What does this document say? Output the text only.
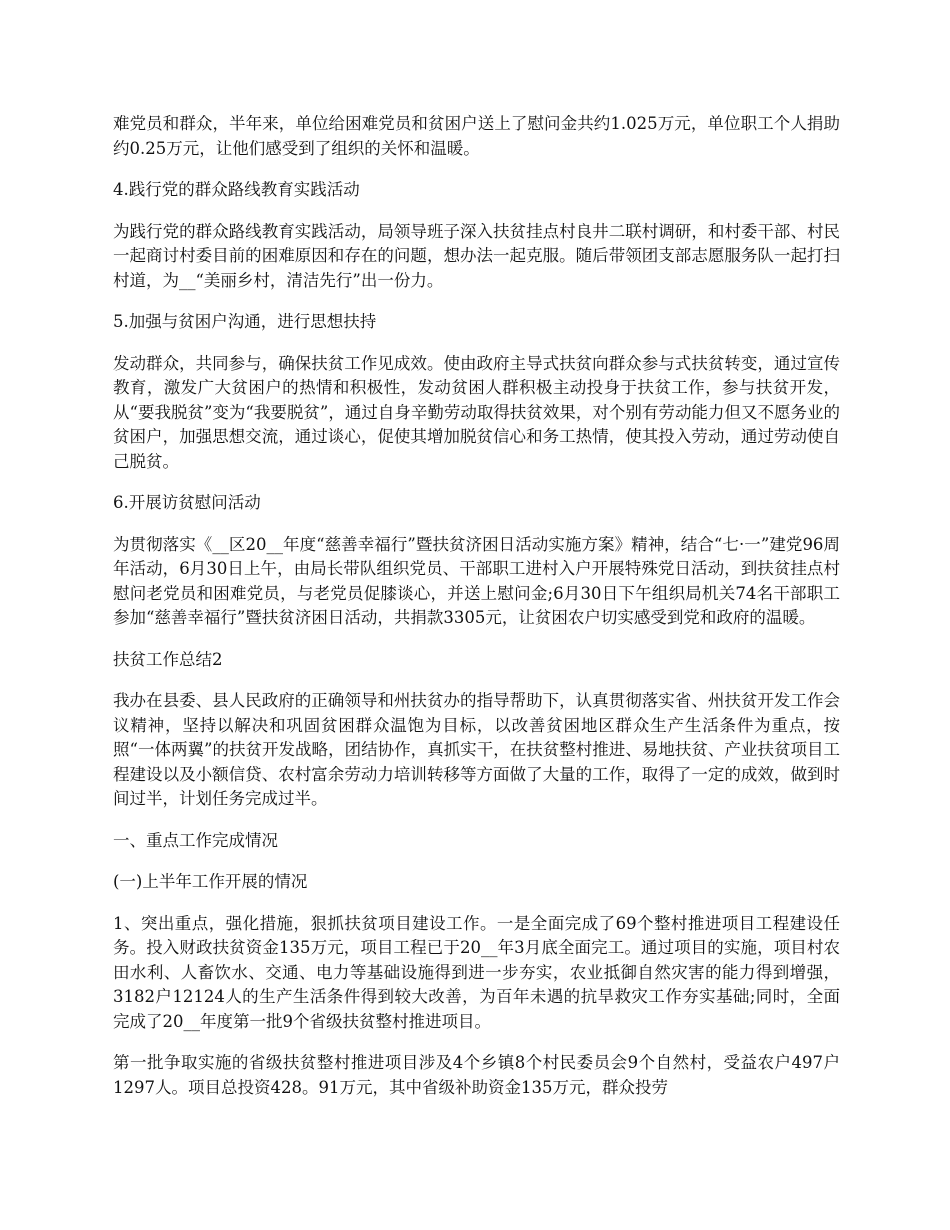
难党员和群众，半年来，单位给困难党员和贫困户送上了慰问金共约1.025万元，单位职工个人捐助约0.25万元，让他们感受到了组织的关怀和温暖。

4.践行党的群众路线教育实践活动

为践行党的群众路线教育实践活动，局领导班子深入扶贫挂点村良井二联村调研，和村委干部、村民一起商讨村委目前的困难原因和存在的问题，想办法一起克服。随后带领团支部志愿服务队一起打扫村道，为__“美丽乡村，清洁先行”出一份力。

5.加强与贫困户沟通，进行思想扶持

发动群众，共同参与，确保扶贫工作见成效。使由政府主导式扶贫向群众参与式扶贫转变，通过宣传教育，激发广大贫困户的热情和积极性，发动贫困人群积极主动投身于扶贫工作，参与扶贫开发，从“要我脱贫”变为“我要脱贫”，通过自身辛勤劳动取得扶贫效果，对个别有劳动能力但又不愿务业的贫困户，加强思想交流，通过谈心，促使其增加脱贫信心和务工热情，使其投入劳动，通过劳动使自己脱贫。

6.开展访贫慰问活动

为贯彻落实《__区20__年度“慈善幸福行”暨扶贫济困日活动实施方案》精神，结合“七·一”建党96周年活动，6月30日上午，由局长带队组织党员、干部职工进村入户开展特殊党日活动，到扶贫挂点村慰问老党员和困难党员，与老党员促膝谈心，并送上慰问金;6月30日下午组织局机关74名干部职工参加“慈善幸福行”暨扶贫济困日活动，共捐款3305元，让贫困农户切实感受到党和政府的温暖。

扶贫工作总结2

我办在县委、县人民政府的正确领导和州扶贫办的指导帮助下，认真贯彻落实省、州扶贫开发工作会议精神，坚持以解决和巩固贫困群众温饱为目标，以改善贫困地区群众生产生活条件为重点，按照“一体两翼”的扶贫开发战略，团结协作，真抓实干，在扶贫整村推进、易地扶贫、产业扶贫项目工程建设以及小额信贷、农村富余劳动力培训转移等方面做了大量的工作，取得了一定的成效，做到时间过半，计划任务完成过半。

一、重点工作完成情况

(一)上半年工作开展的情况

1、突出重点，强化措施，狠抓扶贫项目建设工作。一是全面完成了69个整村推进项目工程建设任务。投入财政扶贫资金135万元，项目工程已于20__年3月底全面完工。通过项目的实施，项目村农田水利、人畜饮水、交通、电力等基础设施得到进一步夯实，农业抵御自然灾害的能力得到增强，3182户12124人的生产生活条件得到较大改善，为百年未遇的抗旱救灾工作夯实基础;同时，全面完成了20__年度第一批9个省级扶贫整村推进项目。

第一批争取实施的省级扶贫整村推进项目涉及4个乡镇8个村民委员会9个自然村，受益农户497户1297人。项目总投资428。91万元，其中省级补助资金135万元，群众投劳
